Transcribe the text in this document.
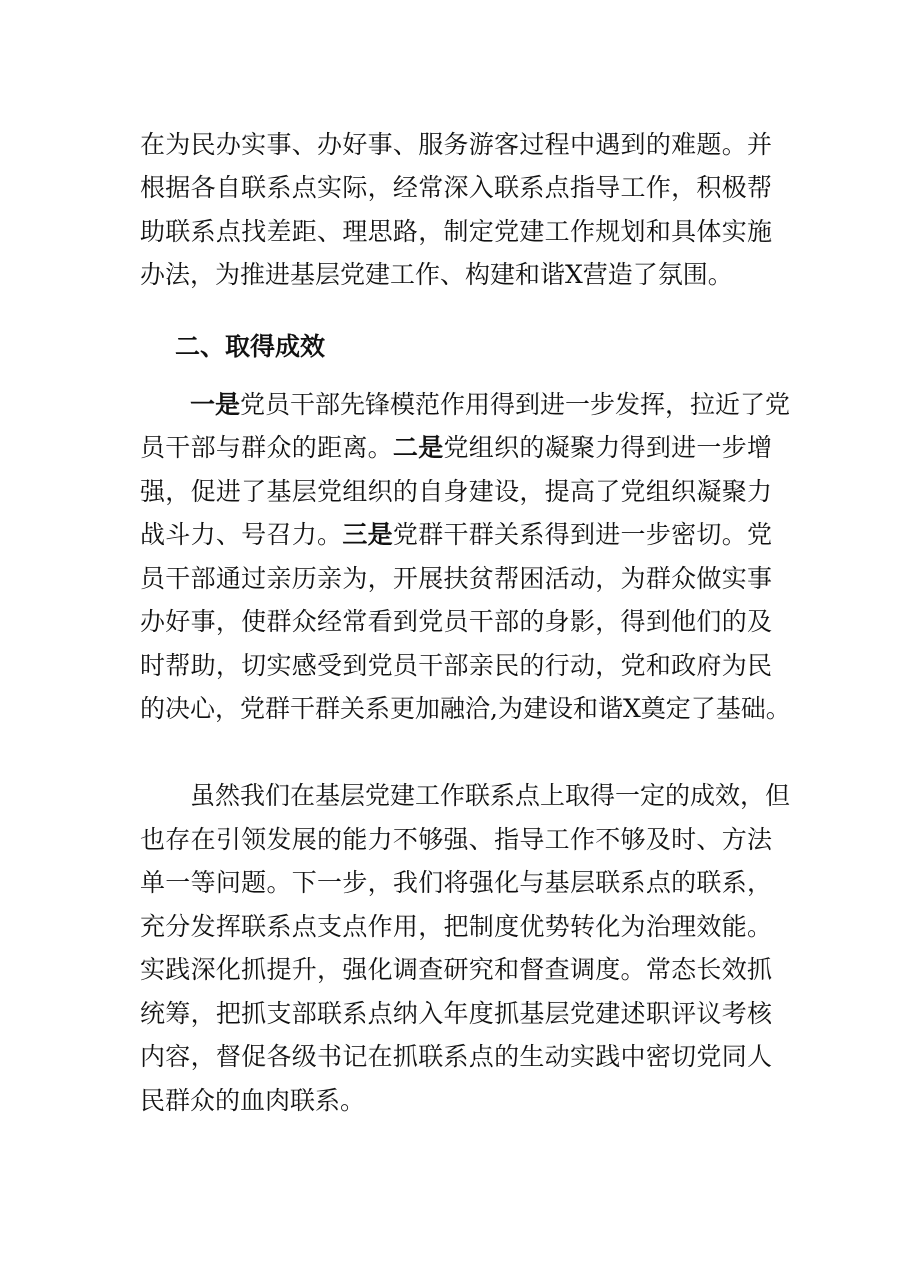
在为民办实事、办好事、服务游客过程中遇到的难题。并
根据各自联系点实际，经常深入联系点指导工作，积极帮
助联系点找差距、理思路，制定党建工作规划和具体实施
办法，为推进基层党建工作、构建和谐X营造了氛围。
二、取得成效
一是党员干部先锋模范作用得到进一步发挥，拉近了党
员干部与群众的距离。二是党组织的凝聚力得到进一步增
强，促进了基层党组织的自身建设，提高了党组织凝聚力
战斗力、号召力。三是党群干群关系得到进一步密切。党
员干部通过亲历亲为，开展扶贫帮困活动，为群众做实事
办好事，使群众经常看到党员干部的身影，得到他们的及
时帮助，切实感受到党员干部亲民的行动，党和政府为民
的决心，党群干群关系更加融洽,为建设和谐X奠定了基础。
虽然我们在基层党建工作联系点上取得一定的成效，但
也存在引领发展的能力不够强、指导工作不够及时、方法
单一等问题。下一步，我们将强化与基层联系点的联系，
充分发挥联系点支点作用，把制度优势转化为治理效能。
实践深化抓提升，强化调查研究和督查调度。常态长效抓
统筹，把抓支部联系点纳入年度抓基层党建述职评议考核
内容，督促各级书记在抓联系点的生动实践中密切党同人
民群众的血肉联系。
